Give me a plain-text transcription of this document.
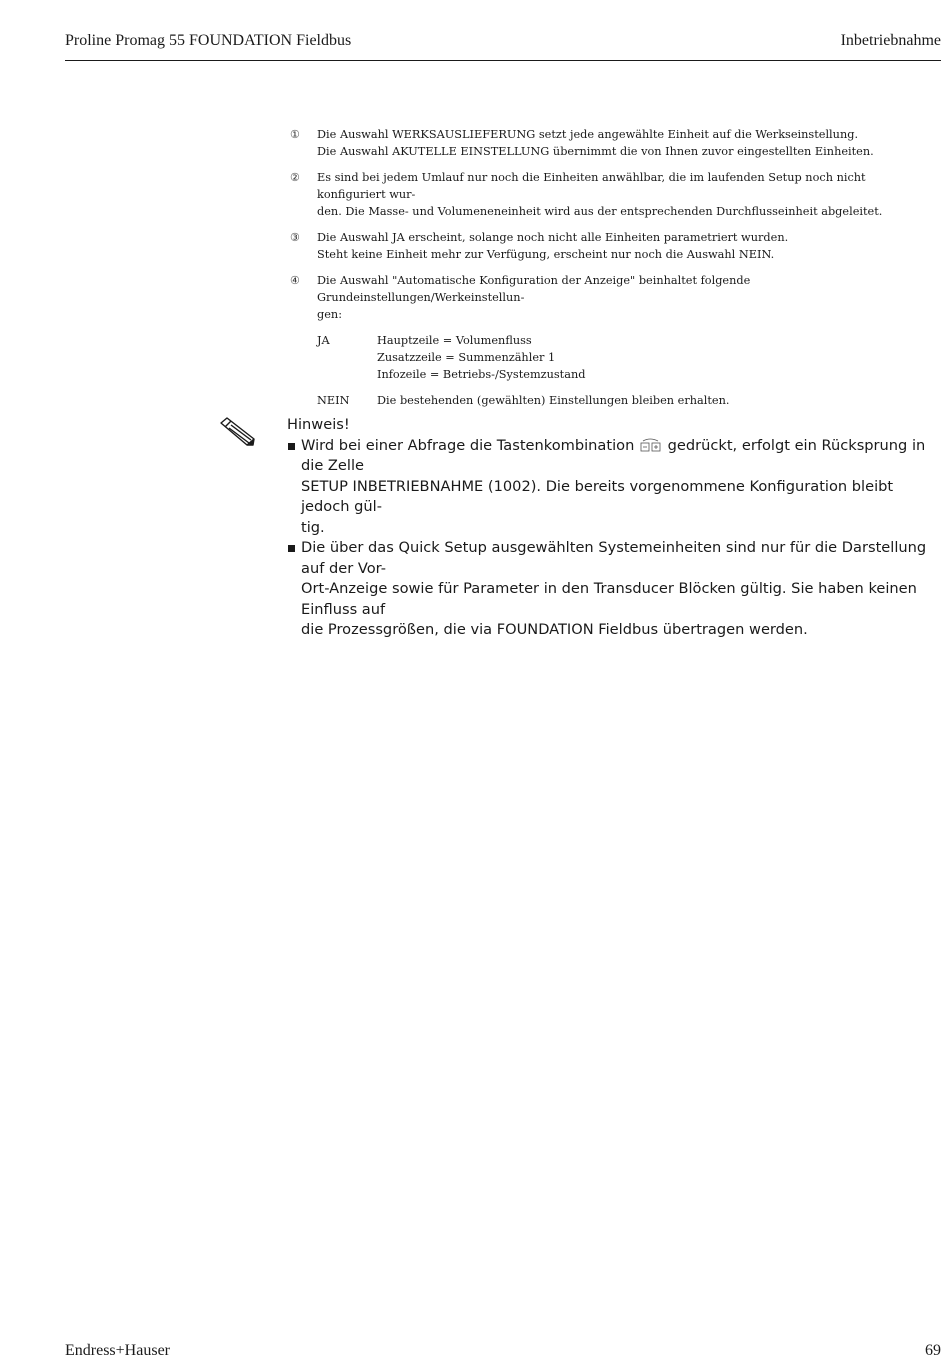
Proline Promag 55 FOUNDATION Fieldbus	Inbetriebnahme
① Die Auswahl WERKSAUSLIEFERUNG setzt jede angewählte Einheit auf die Werkseinstellung.

Die Auswahl AKUTELLE EINSTELLUNG übernimmt die von Ihnen zuvor eingestellten Einheiten.

② Es sind bei jedem Umlauf nur noch die Einheiten anwählbar, die im laufenden Setup noch nicht konfiguriert wur-

den. Die Masse- und Volumeneneinheit wird aus der entsprechenden Durchflusseinheit abgeleitet.

③ Die Auswahl JA erscheint, solange noch nicht alle Einheiten parametriert wurden.

Steht keine Einheit mehr zur Verfügung, erscheint nur noch die Auswahl NEIN.

④ Die Auswahl "Automatische Konfiguration der Anzeige" beinhaltet folgende Grundeinstellungen/Werkeinstellun-

gen:

JA	Hauptzeile = Volumenfluss
Zusatzzeile = Summenzähler 1
Infozeile = Betriebs-/Systemzustand
NEIN	Die bestehenden (gewählten) Einstellungen bleiben erhalten.
Hinweis!
Wird bei einer Abfrage die Tastenkombination gedrückt, erfolgt ein Rücksprung in die Zelle
SETUP INBETRIEBNAHME (1002). Die bereits vorgenommene Konfiguration bleibt jedoch gül-
tig.
Die über das Quick Setup ausgewählten Systemeinheiten sind nur für die Darstellung auf der Vor-
Ort-Anzeige sowie für Parameter in den Transducer Blöcken gültig. Sie haben keinen Einfluss auf
die Prozessgrößen, die via FOUNDATION Fieldbus übertragen werden.
Endress+Hauser	69
